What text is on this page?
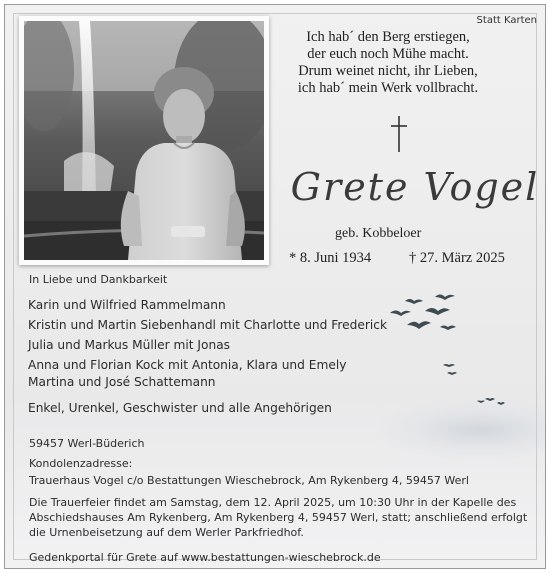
Statt Karten
Ich hab´ den Berg erstiegen,
der euch noch Mühe macht.
Drum weinet nicht, ihr Lieben,
ich hab´ mein Werk vollbracht.
Grete Vogel
geb. Kobbeloer
* 8. Juni 1934	† 27. März 2025
In Liebe und Dankbarkeit
Karin und Wilfried Rammelmann
Kristin und Martin Siebenhandl mit Charlotte und Frederick
Julia und Markus Müller mit Jonas
Anna und Florian Kock mit Antonia, Klara und Emely
Martina und José Schattemann
Enkel, Urenkel, Geschwister und alle Angehörigen
59457 Werl-Büderich
Kondolenzadresse:
Trauerhaus Vogel c/o Bestattungen Wieschebrock, Am Rykenberg 4, 59457 Werl
Die Trauerfeier findet am Samstag, dem 12. April 2025, um 10:30 Uhr in der Kapelle des
Abschiedshauses Am Rykenberg, Am Rykenberg 4, 59457 Werl, statt; anschließend erfolgt
die Urnenbeisetzung auf dem Werler Parkfriedhof.
Gedenkportal für Grete auf www.bestattungen-wieschebrock.de
